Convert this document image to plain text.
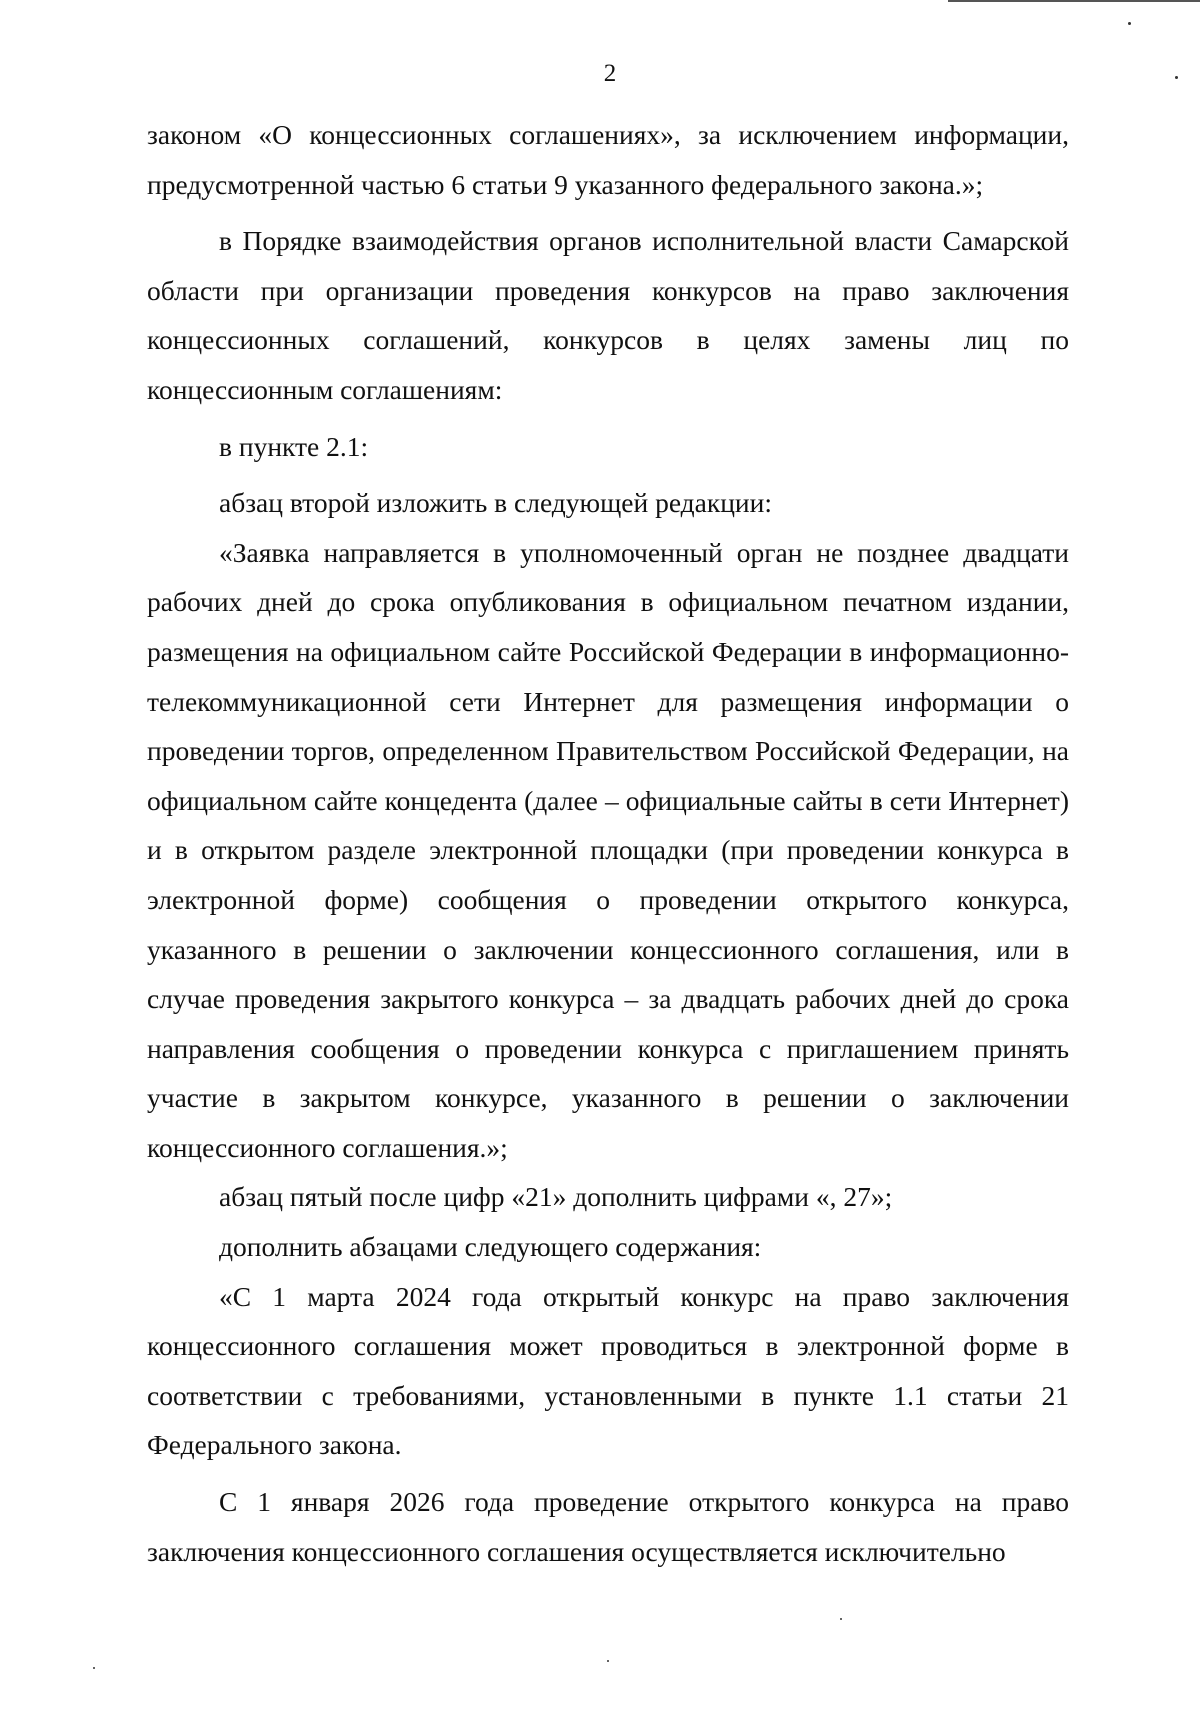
2

законом «О концессионных соглашениях», за исключением информации, предусмотренной частью 6 статьи 9 указанного федерального закона.»;

в Порядке взаимодействия органов исполнительной власти Самарской области при организации проведения конкурсов на право заключения концессионных соглашений, конкурсов в целях замены лиц по концессионным соглашениям:

в пункте 2.1:

абзац второй изложить в следующей редакции:

«Заявка направляется в уполномоченный орган не позднее двадцати рабочих дней до срока опубликования в официальном печатном издании, размещения на официальном сайте Российской Федерации в информационно-телекоммуникационной сети Интернет для размещения информации о проведении торгов, определенном Правительством Российской Федерации, на официальном сайте концедента (далее – официальные сайты в сети Интернет) и в открытом разделе электронной площадки (при проведении конкурса в электронной форме) сообщения о проведении открытого конкурса, указанного в решении о заключении концессионного соглашения, или в случае проведения закрытого конкурса – за двадцать рабочих дней до срока направления сообщения о проведении конкурса с приглашением принять участие в закрытом конкурсе, указанного в решении о заключении концессионного соглашения.»;

абзац пятый после цифр «21» дополнить цифрами «, 27»;

дополнить абзацами следующего содержания:

«С 1 марта 2024 года открытый конкурс на право заключения концессионного соглашения может проводиться в электронной форме в соответствии с требованиями, установленными в пункте 1.1 статьи 21 Федерального закона.

С 1 января 2026 года проведение открытого конкурса на право заключения концессионного соглашения осуществляется исключительно
